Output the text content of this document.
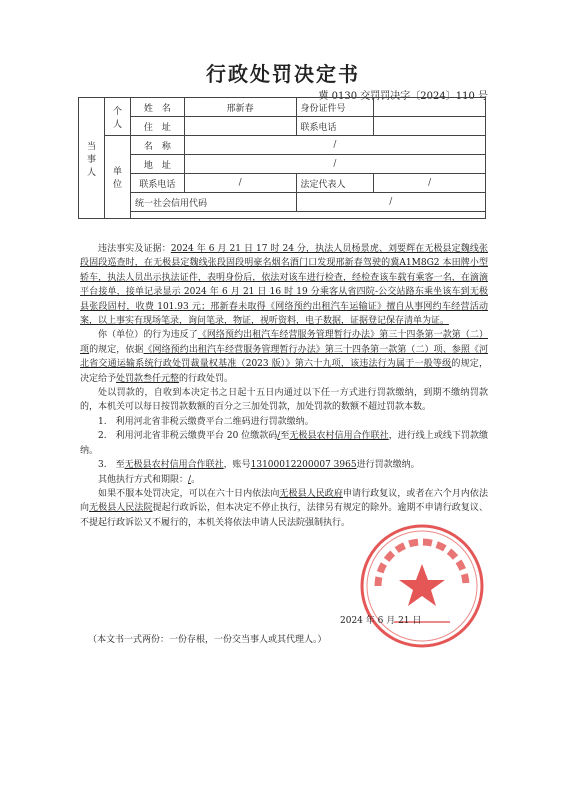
行政处罚决定书
冀 0130 交罚罚决字〔2024〕110 号
当事人	个人	姓　名	邢新春	身份证件号	
		住　址		联系电话	
	单位	名　称	/		
		地　址	/		
		联系电话	/	法定代表人	/
		统一社会信用代码		/	

违法事实及证据：2024 年 6 月 21 日 17 时 24 分，执法人员杨景虎、刘要辉在无极县定魏线张段固段巡查时，在无极县定魏线张段固段明豪名烟名酒门口发现邢新春驾驶的冀A1M8G2 本田牌小型轿车，执法人员出示执法证件，表明身份后，依法对该车进行检查，经检查该车载有乘客一名，在滴滴平台接单，接单记录显示 2024 年 6 月 21 日 16 时 19 分乘客从省四院-公交站路东乘坐该车到无极县张段固村，收费 101.93 元；邢新春未取得《网络预约出租汽车运输证》擅自从事网约车经营活动案，以上事实有现场笔录，询问笔录，物证，视听资料，电子数据，证据登记保存清单为证。

你（单位）的行为违反了《网络预约出租汽车经营服务管理暂行办法》第三十四条第一款第（二）项的规定，依据《网络预约出租汽车经营服务管理暂行办法》第三十四条第一款第（二）项、参照《河北省交通运输系统行政处罚裁量权基准（2023 版）》第六十九项，该违法行为属于一般等级的规定，决定给予处罚款叁仟元整的行政处罚。

处以罚款的，自收到本决定书之日起十五日内通过以下任一方式进行罚款缴纳，到期不缴纳罚款的，本机关可以每日按罚款数额的百分之三加处罚款，加处罚款的数额不超过罚款本数。

1.　利用河北省非税云缴费平台二维码进行罚款缴纳。

2.　利用河北省非税云缴费平台 20 位缴款码/至无极县农村信用合作联社，进行线上或线下罚款缴纳。

3.　至无极县农村信用合作联社，账号13100012200007 3965进行罚款缴纳。

其他执行方式和期限：/。

如果不服本处罚决定，可以在六十日内依法向无极县人民政府申请行政复议，或者在六个月内依法向无极县人民法院提起行政诉讼，但本决定不停止执行，法律另有规定的除外。逾期不申请行政复议、不提起行政诉讼又不履行的，本机关将依法申请人民法院强制执行。

2024 年 6 月 21 日
（本文书一式两份：一份存根，一份交当事人或其代理人。）
